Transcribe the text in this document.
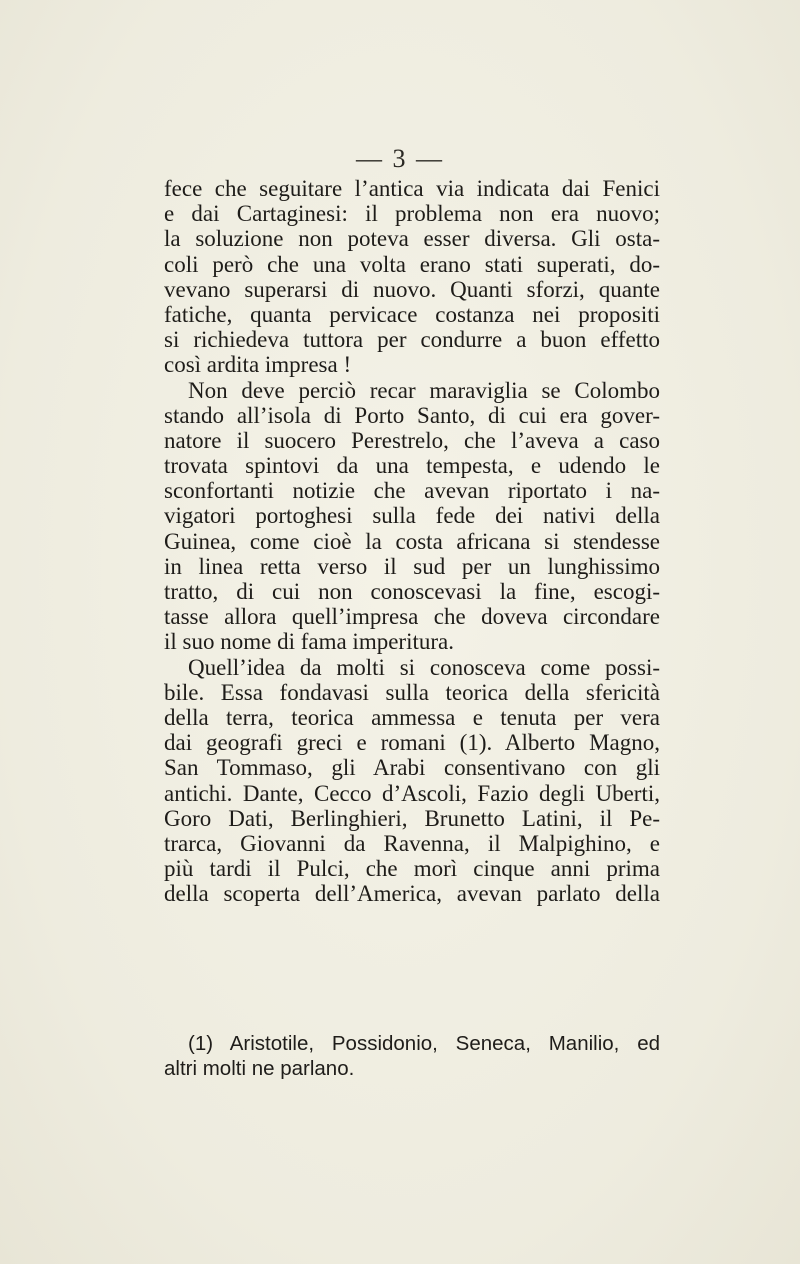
— 3 —
fece che seguitare l’antica via indicata dai Fenici
e dai Cartaginesi: il problema non era nuovo;
la soluzione non poteva esser diversa. Gli osta-
coli però che una volta erano stati superati, do-
vevano superarsi di nuovo. Quanti sforzi, quante
fatiche, quanta pervicace costanza nei propositi
si richiedeva tuttora per condurre a buon effetto
così ardita impresa !
Non deve perciò recar maraviglia se Colombo
stando all’isola di Porto Santo, di cui era gover-
natore il suocero Perestrelo, che l’aveva a caso
trovata spintovi da una tempesta, e udendo le
sconfortanti notizie che avevan riportato i na-
vigatori portoghesi sulla fede dei nativi della
Guinea, come cioè la costa africana si stendesse
in linea retta verso il sud per un lunghissimo
tratto, di cui non conoscevasi la fine, escogi-
tasse allora quell’impresa che doveva circondare
il suo nome di fama imperitura.
Quell’idea da molti si conosceva come possi-
bile. Essa fondavasi sulla teorica della sfericità
della terra, teorica ammessa e tenuta per vera
dai geografi greci e romani (1). Alberto Magno,
San Tommaso, gli Arabi consentivano con gli
antichi. Dante, Cecco d’Ascoli, Fazio degli Uberti,
Goro Dati, Berlinghieri, Brunetto Latini, il Pe-
trarca, Giovanni da Ravenna, il Malpighino, e
più tardi il Pulci, che morì cinque anni prima
della scoperta dell’America, avevan parlato della
(1) Aristotile, Possidonio, Seneca, Manilio, ed
altri molti ne parlano.
